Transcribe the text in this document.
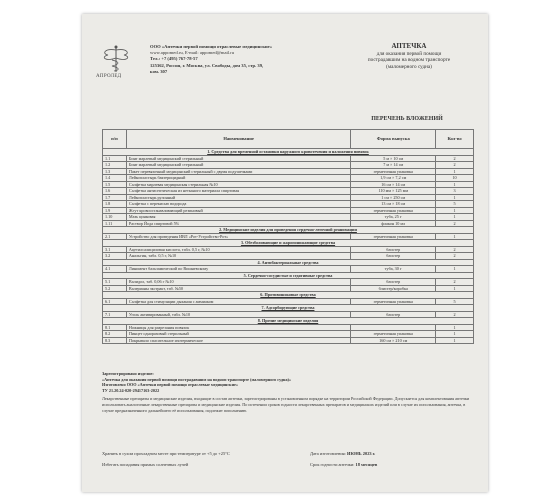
АПРОЛЕД
ООО «Аптечки первой помощи отраслевые медицинские»
www.appomed.ru, E-mail: appomed@mail.ru
Тел.: +7 (495) 767-78-57
125362, Россия, г. Москва, ул. Свободы, дом 35, стр. 39,
ком. 307
АПТЕЧКА
для оказания первой помощи
пострадавшим на водном транспорте
(маломерного судна)
ПЕРЕЧЕНЬ ВЛОЖЕНИЙ
п/п	Наименование	Форма выпуска	Кол-во
1. Средства для временной остановки наружного кровотечения и наложения повязок			
1.1	Бинт марлевый медицинский стерильный	5 м × 10 см	2
1.2	Бинт марлевый медицинский стерильный	7 м × 14 см	2
1.3	Пакет перевязочный медицинский стерильный с двумя подушечками	герметичная упаковка	1
1.4	Лейкопластырь бактерицидный	1,9 см × 7,2 см	10
1.5	Салфетка марлевая медицинская стерильная №10	16 см × 14 см	1
1.6	Салфетка антисептическая из нетканого материала спиртовая	110 мм × 125 мм	3
1.7	Лейкопластырь рулонный	1 см × 250 см	1
1.8	Салфетка с перекисью водорода	13 см × 18 см	5
1.9	Жгут кровоостанавливающий резиновый	герметичная упаковка	1
1.10	Мазь цинковая	туба, 25 г	1
1.11	Раствор Йода спиртовой 5%	флакон 10 мл	2
2. Медицинские изделия для проведения сердечно-легочной реанимации			
2.1	Устройство для проведения ИВЛ «Рот-Устройство-Рот»	герметичная упаковка	1
3. Обезболивающие и жаропонижающие средства			
3.1	Ацетилсалициловая кислота, табл. 0,5 г, №10	блистер	2
3.2	Анальгин, табл. 0,5 г, №10	блистер	2
4. Антибактериальные средства			
4.1	Линимент бальзамический по Вишневскому	туба, 30 г	1
5. Сердечно-сосудистые и седативные средства			
5.1	Валидол, таб. 0,06 г №10	блистер	2
5.2	Валерианы экстракт, таб. №50	блистер/коробка	1
6. Противошоковые средства			
6.1	Салфетка для стимуляции дыхания с аммиаком	герметичная упаковка	5
7. Адсорбирующие средства			
7.1	Уголь активированный, табл. №10	блистер	2
8. Прочие медицинские изделия			
8.1	Ножницы для разрезания повязок		1
8.2	Пинцет одноразовый стерильный	герметичная упаковка	1
8.3	Покрывало спасательное изотермическое	160 см × 210 см	1

Зарегистрировано изделие:

«Аптечка для оказания первой помощи пострадавшим на водном транспорте (маломерного судна)»

Изготовлено ООО «Аптечки первой помощи отраслевые медицинские»

ТУ 21.20.24-020-29417163-2022

Лекарственные препараты и медицинские изделия, входящие в состав аптечки, зарегистрированы в установленном порядке на территории Российской Федерации. Допускается для комплектования аптечки использовать аналогичные лекарственные препараты и медицинские изделия. По истечении сроков годности лекарственных препаратов и медицинских изделий или в случае их использования, аптечка, в случае предназначенного дальнейшего её использования, подлежит пополнению.

Хранить в сухом прохладном месте при температуре от +5 до +25°С
Избегать попадания прямых солнечных лучей
Дата изготовления: ИЮНЬ 2023 г.
Срок годности аптечки: 18 месяцев
